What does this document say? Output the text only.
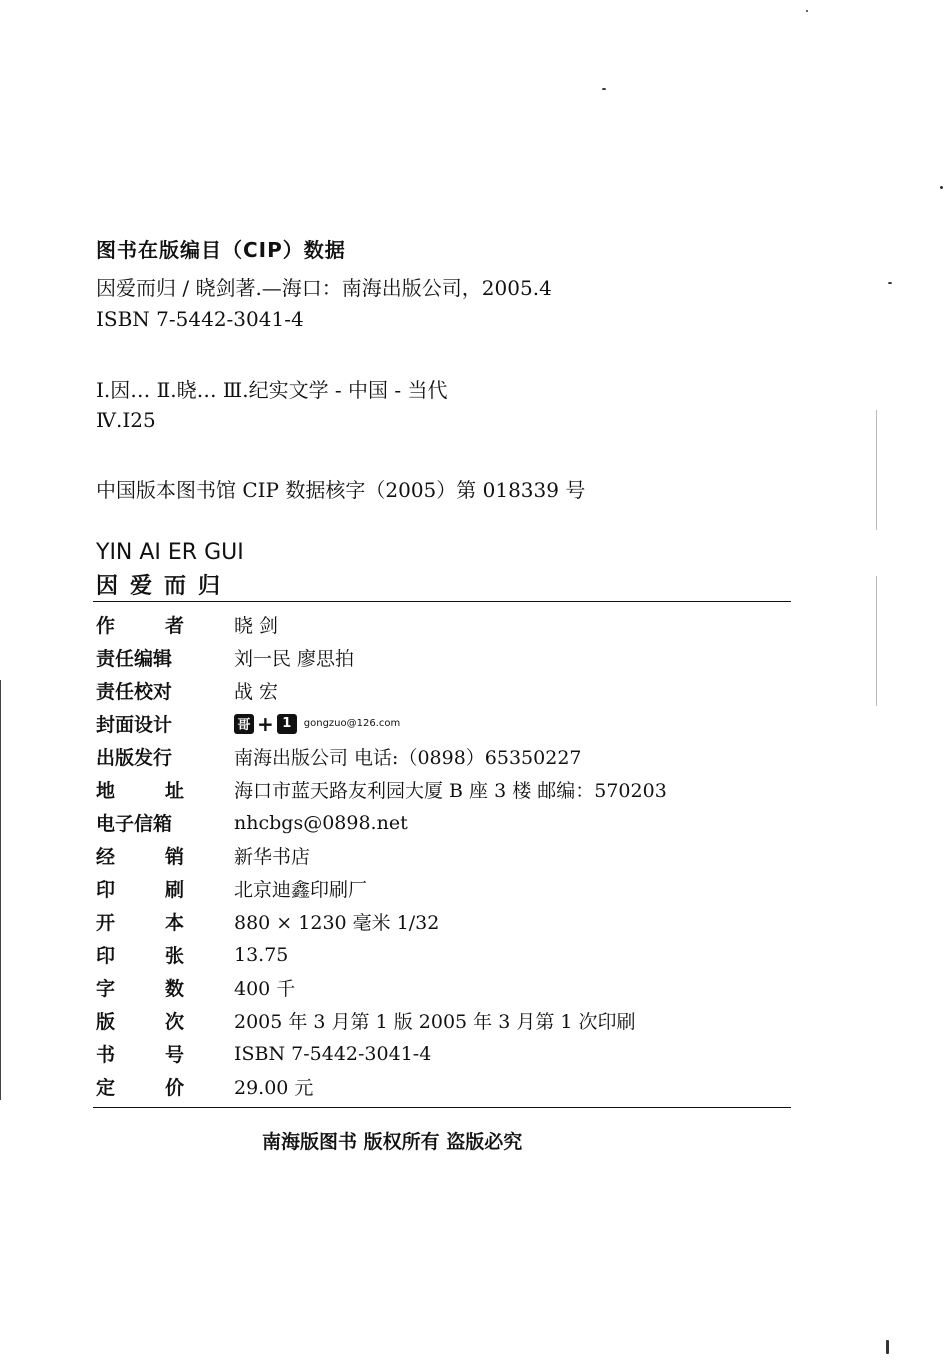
图书在版编目（CIP）数据
因爱而归 / 晓剑著.—海口：南海出版公司，2005.4
ISBN 7-5442-3041-4
Ⅰ.因… Ⅱ.晓… Ⅲ.纪实文学 - 中国 - 当代
Ⅳ.I25
中国版本图书馆 CIP 数据核字（2005）第 018339 号
YIN AI ER GUI
因爱而归
作 者	晓 剑

责任编辑	刘一民 廖思拍

责任校对	战 宏

封面设计	哥 + 1 gongzuo@126.com

出版发行	南海出版公司 电话:（0898）65350227

地 址	海口市蓝天路友利园大厦 B 座 3 楼 邮编：570203

电子信箱	nhcbgs@0898.net

经 销	新华书店

印 刷	北京迪鑫印刷厂

开 本	880 × 1230 毫米 1/32

印 张	13.75

字 数	400 千

版 次	2005 年 3 月第 1 版 2005 年 3 月第 1 次印刷

书 号	ISBN 7-5442-3041-4

定 价	29.00 元
南海版图书 版权所有 盗版必究
